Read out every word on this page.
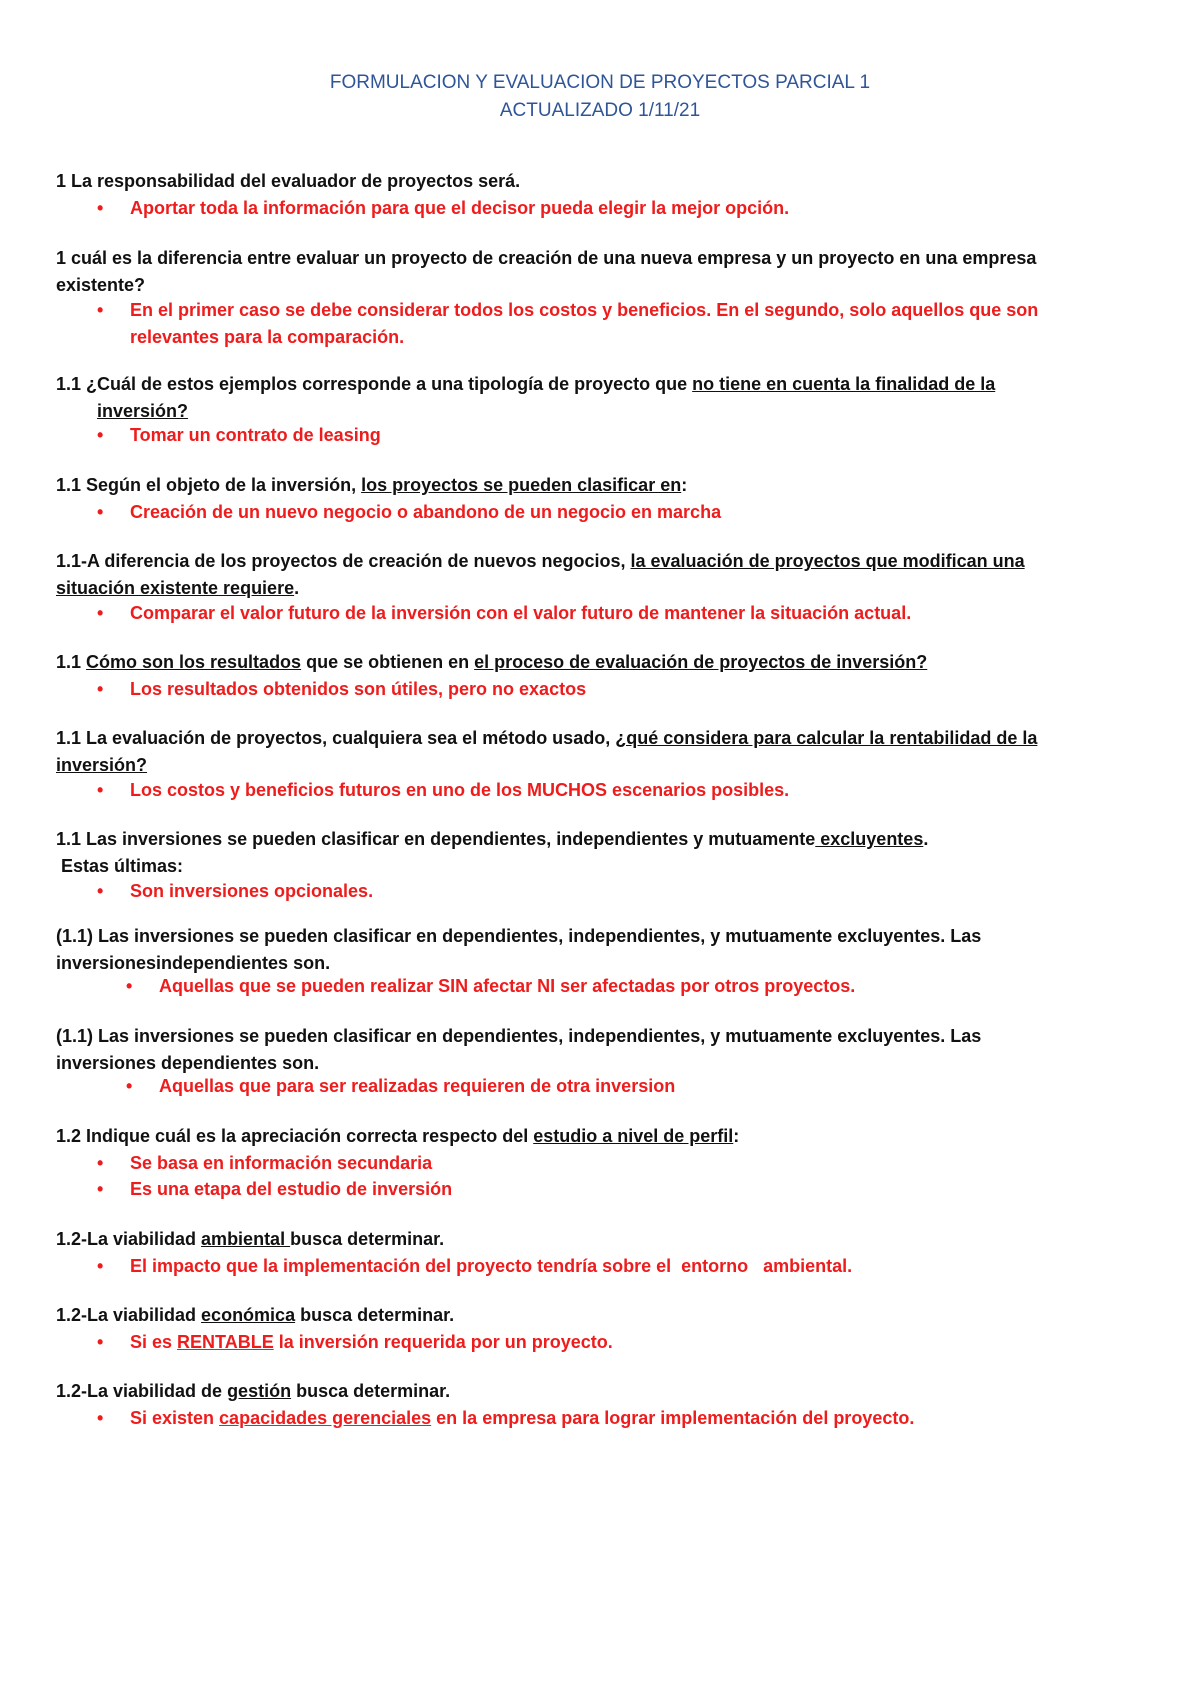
FORMULACION Y EVALUACION DE PROYECTOS PARCIAL 1
ACTUALIZADO 1/11/21
1 La responsabilidad del evaluador de proyectos será.
•	Aportar toda la información para que el decisor pueda elegir la mejor opción.
1 cuál es la diferencia entre evaluar un proyecto de creación de una nueva empresa y un proyecto en una empresa
existente?
•	En el primer caso se debe considerar todos los costos y beneficios. En el segundo, solo aquellos que son
relevantes para la comparación.
1.1 ¿Cuál de estos ejemplos corresponde a una tipología de proyecto que no tiene en cuenta la finalidad de la
inversión?
•	Tomar un contrato de leasing
1.1 Según el objeto de la inversión, los proyectos se pueden clasificar en:
•	Creación de un nuevo negocio o abandono de un negocio en marcha
1.1-A diferencia de los proyectos de creación de nuevos negocios, la evaluación de proyectos que modifican una
situación existente requiere.
•	Comparar el valor futuro de la inversión con el valor futuro de mantener la situación actual.
1.1 Cómo son los resultados que se obtienen en el proceso de evaluación de proyectos de inversión?
•	Los resultados obtenidos son útiles, pero no exactos
1.1 La evaluación de proyectos, cualquiera sea el método usado, ¿qué considera para calcular la rentabilidad de la
inversión?
•	Los costos y beneficios futuros en uno de los MUCHOS escenarios posibles.
1.1 Las inversiones se pueden clasificar en dependientes, independientes y mutuamente excluyentes.
Estas últimas:
•	Son inversiones opcionales.
(1.1) Las inversiones se pueden clasificar en dependientes, independientes, y mutuamente excluyentes. Las
inversionesindependientes son.
•	Aquellas que se pueden realizar SIN afectar NI ser afectadas por otros proyectos.
(1.1) Las inversiones se pueden clasificar en dependientes, independientes, y mutuamente excluyentes. Las
inversiones dependientes son.
•	Aquellas que para ser realizadas requieren de otra inversion
1.2 Indique cuál es la apreciación correcta respecto del estudio a nivel de perfil:
•	Se basa en información secundaria
•	Es una etapa del estudio de inversión
1.2-La viabilidad ambiental busca determinar.
•	El impacto que la implementación del proyecto tendría sobre el  entorno   ambiental.
1.2-La viabilidad económica busca determinar.
•	Si es RENTABLE la inversión requerida por un proyecto.
1.2-La viabilidad de gestión busca determinar.
•	Si existen capacidades gerenciales en la empresa para lograr implementación del proyecto.
